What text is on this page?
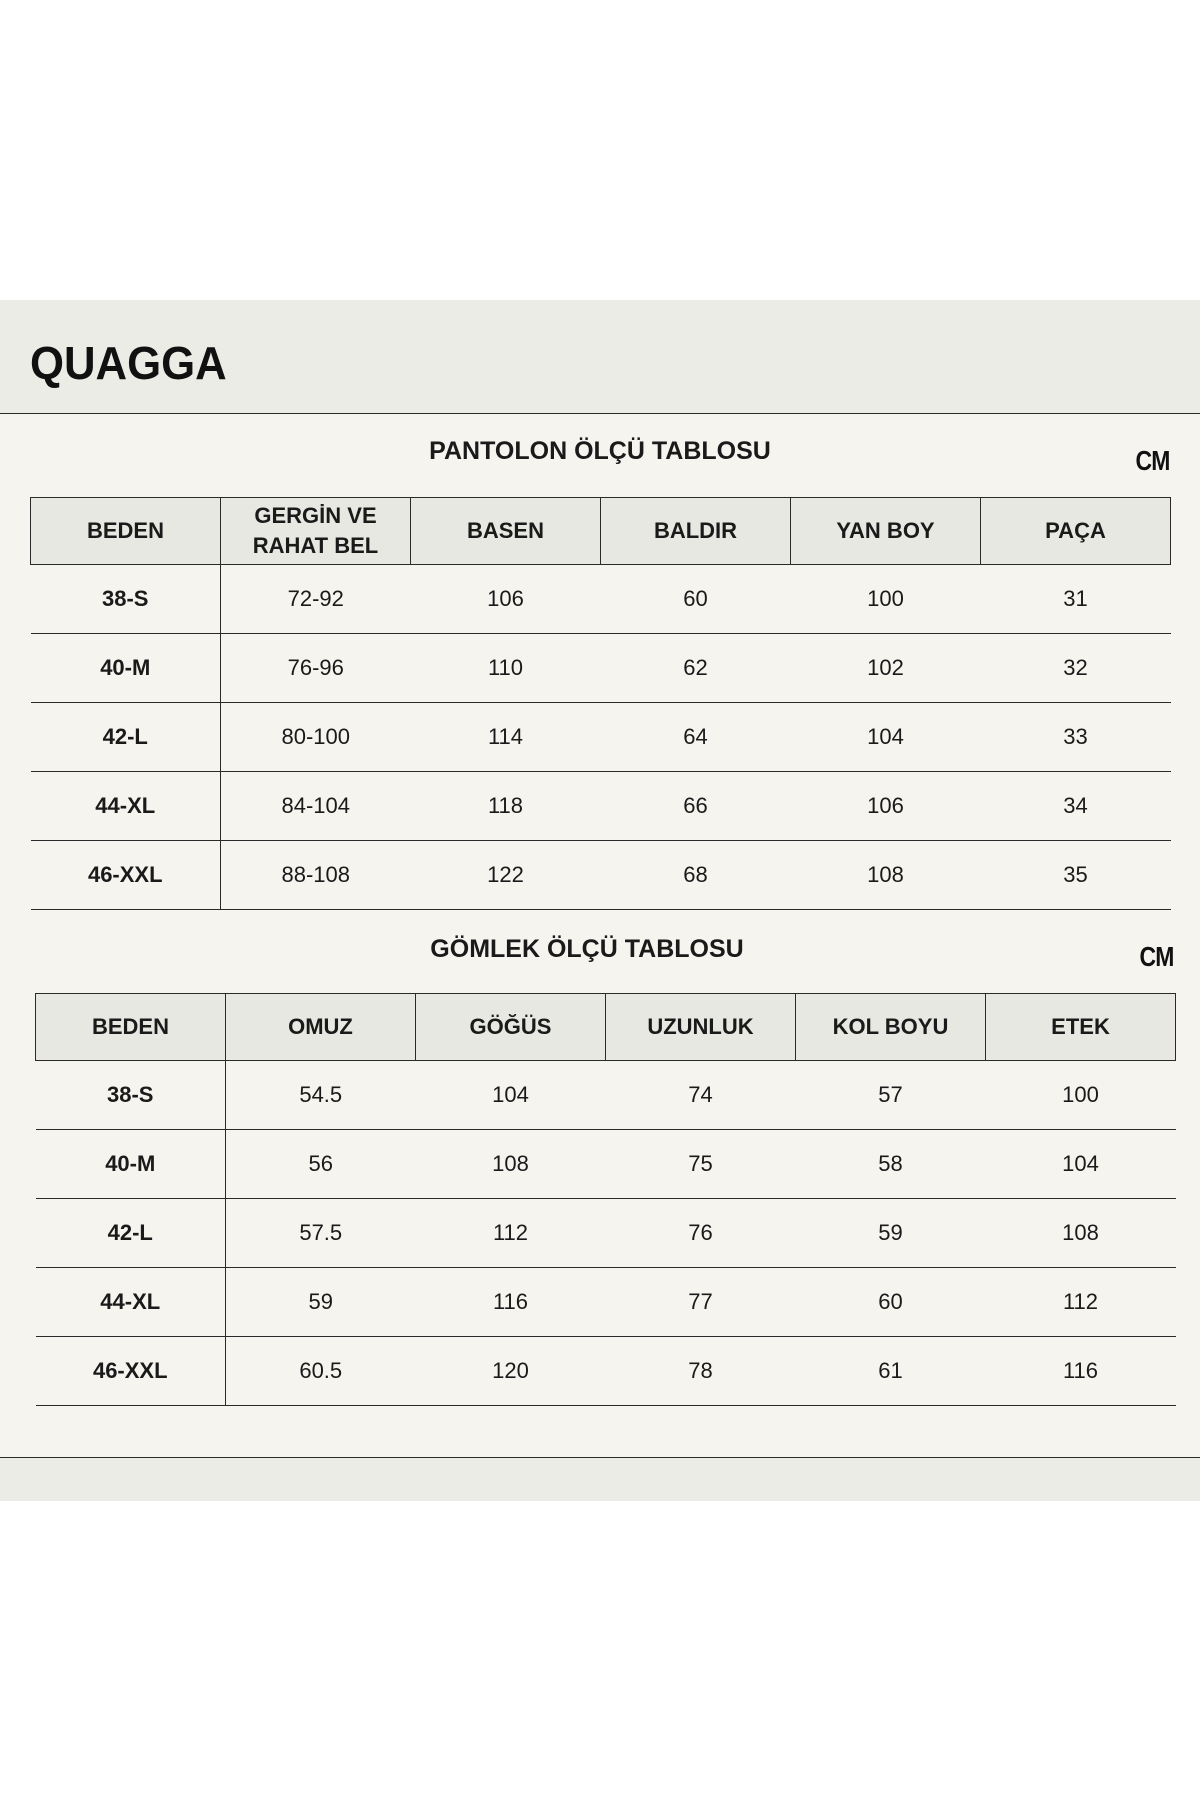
QUAGGA
PANTOLON ÖLÇÜ TABLOSU	CM
BEDEN	GERGİN VE RAHAT BEL	BASEN	BALDIR	YAN BOY	PAÇA
38-S	72-92	106	60	100	31
40-M	76-96	110	62	102	32
42-L	80-100	114	64	104	33
44-XL	84-104	118	66	106	34
46-XXL	88-108	122	68	108	35
GÖMLEK ÖLÇÜ TABLOSU	CM
BEDEN	OMUZ	GÖĞÜS	UZUNLUK	KOL BOYU	ETEK
38-S	54.5	104	74	57	100
40-M	56	108	75	58	104
42-L	57.5	112	76	59	108
44-XL	59	116	77	60	112
46-XXL	60.5	120	78	61	116
